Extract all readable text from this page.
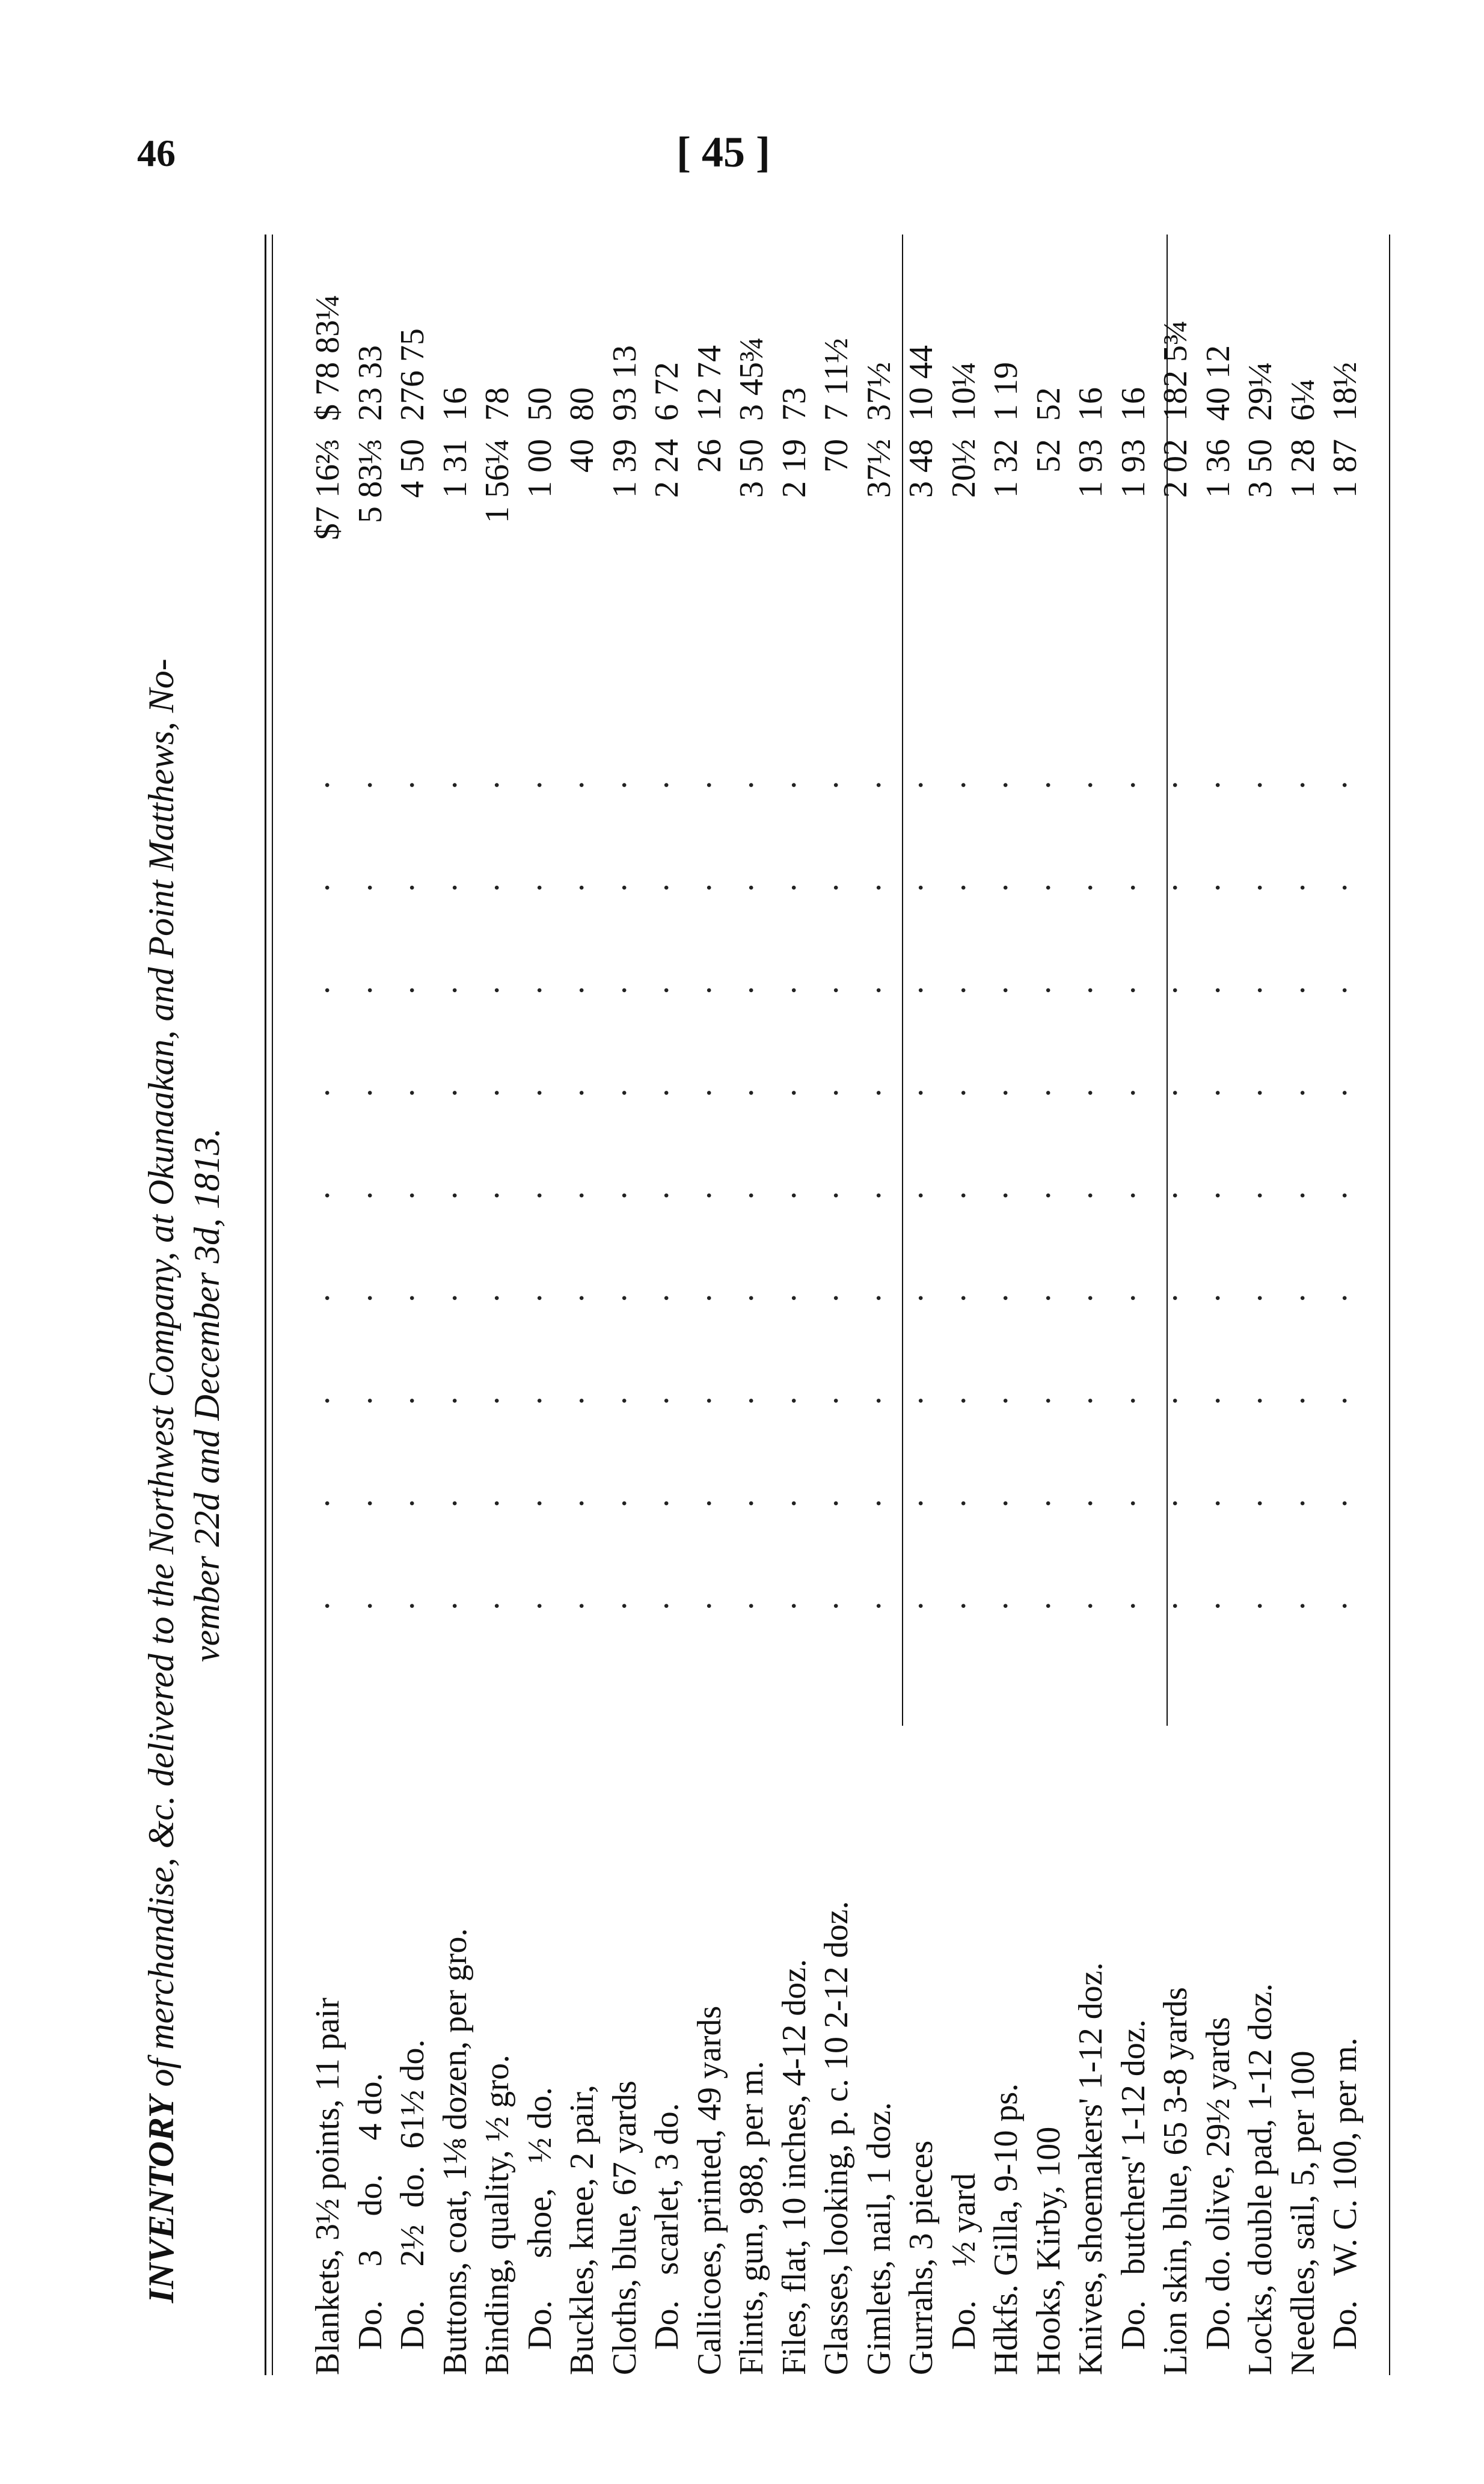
46	[ 45 ]
INVENTORY of merchandise, &c. delivered to the Northwest Company, at Okunaakan, and Point Matthews, No- vember 22d and December 3d, 1813.
Blankets, 3½ points, 11 pair
·········
$7 16⅔
$ 78 83¼
Do.    3    do.    4 do.
·········
5 83⅓
23 33
Do.    2½  do.  61½ do.
·········
4 50
276 75
Buttons, coat, 1⅛ dozen, per gro.
·········
1 31
16
Binding, quality, ½ gro.
·········
1 56¼
78
Do.     shoe,   ½ do.
·········
1 00
50
Buckles, knee, 2 pair,
·········
40
80
Cloths, blue, 67 yards
·········
1 39
93 13
Do.   scarlet, 3 do.
·········
2 24
6 72
Callicoes, printed, 49 yards
·········
26
12 74
Flints, gun, 988, per m.
·········
3 50
3 45¾
Files, flat, 10 inches, 4-12 doz.
·········
2 19
73
Glasses, looking, p. c. 10 2-12 doz.
·········
70
7 11½
Gimlets, nail, 1 doz.
·········
37½
37½
Gurrahs, 3 pieces
·········
3 48
10 44
Do.    ½ yard
·········
20½
10¼
Hdkfs. Gilla, 9-10 ps.
·········
1 32
1 19
Hooks, Kirby, 100
·········
52
52
Knives, shoemakers' 1-12 doz.
·········
1 93
16
Do.   butchers' 1-12 doz.
·········
1 93
16
Lion skin, blue, 65 3-8 yards
·········
2 02
182 5¾
Do. do. olive, 29½ yards
·········
1 36
40 12
Locks, double pad, 1-12 doz.
·········
3 50
29¼
Needles, sail, 5, per 100
·········
1 28
6¼
Do.   W. C. 100, per m.
·········
1 87
18½
